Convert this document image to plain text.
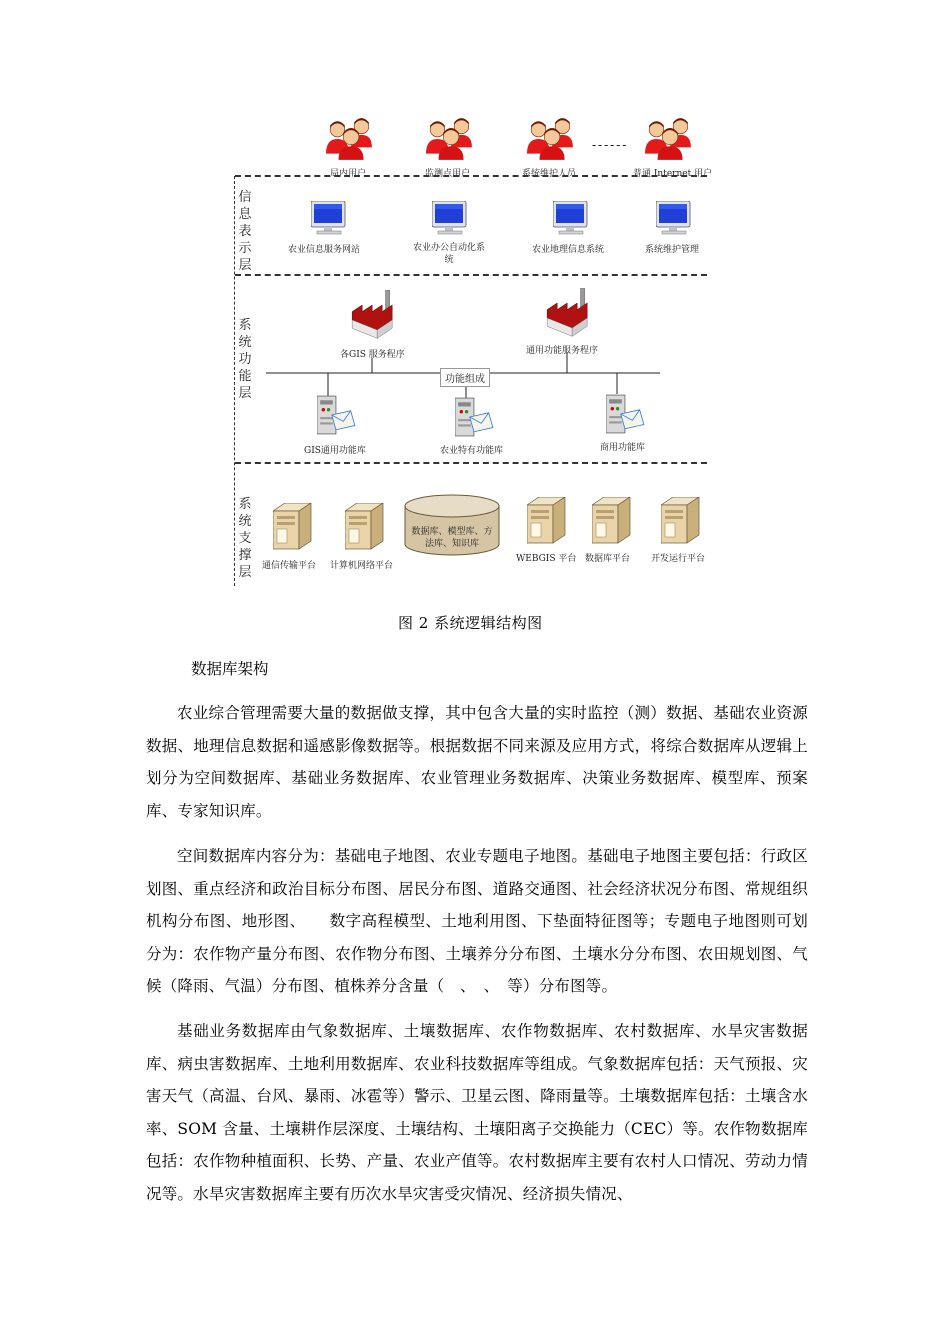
------
局内用户	监测点用户	系统维护人员	普通 Internet 用户
信
息
表
示
层
农业信息服务网站	农业办公自动化系统
农业地理信息系统	系统维护管理
系
统
功
能
层
各GIS 服务程序	通用功能服务程序
功能组成
GIS通用功能库	农业特有功能库	商用功能库
系
统
支
撑
层
数据库、模型库、方法库、知识库
通信传输平台 计算机网络平台
WEBGIS 平台 数据库平台 开发运行平台
图 2 系统逻辑结构图
数据库架构

农业综合管理需要大量的数据做支撑，其中包含大量的实时监控（测）数据、基础农业资源数据、地理信息数据和遥感影像数据等。根据数据不同来源及应用方式，将综合数据库从逻辑上划分为空间数据库、基础业务数据库、农业管理业务数据库、决策业务数据库、模型库、预案库、专家知识库。

空间数据库内容分为：基础电子地图、农业专题电子地图。基础电子地图主要包括：行政区划图、重点经济和政治目标分布图、居民分布图、道路交通图、社会经济状况分布图、常规组织机构分布图、地形图、　　数字高程模型、土地利用图、下垫面特征图等；专题电子地图则可划分为：农作物产量分布图、农作物分布图、土壤养分分布图、土壤水分分布图、农田规划图、气候（降雨、气温）分布图、植株养分含量（　、　、　等）分布图等。

基础业务数据库由气象数据库、土壤数据库、农作物数据库、农村数据库、水旱灾害数据库、病虫害数据库、土地利用数据库、农业科技数据库等组成。气象数据库包括：天气预报、灾害天气（高温、台风、暴雨、冰雹等）警示、卫星云图、降雨量等。土壤数据库包括：土壤含水率、SOM 含量、土壤耕作层深度、土壤结构、土壤阳离子交换能力（CEC）等。农作物数据库包括：农作物种植面积、长势、产量、农业产值等。农村数据库主要有农村人口情况、劳动力情况等。水旱灾害数据库主要有历次水旱灾害受灾情况、经济损失情况、
